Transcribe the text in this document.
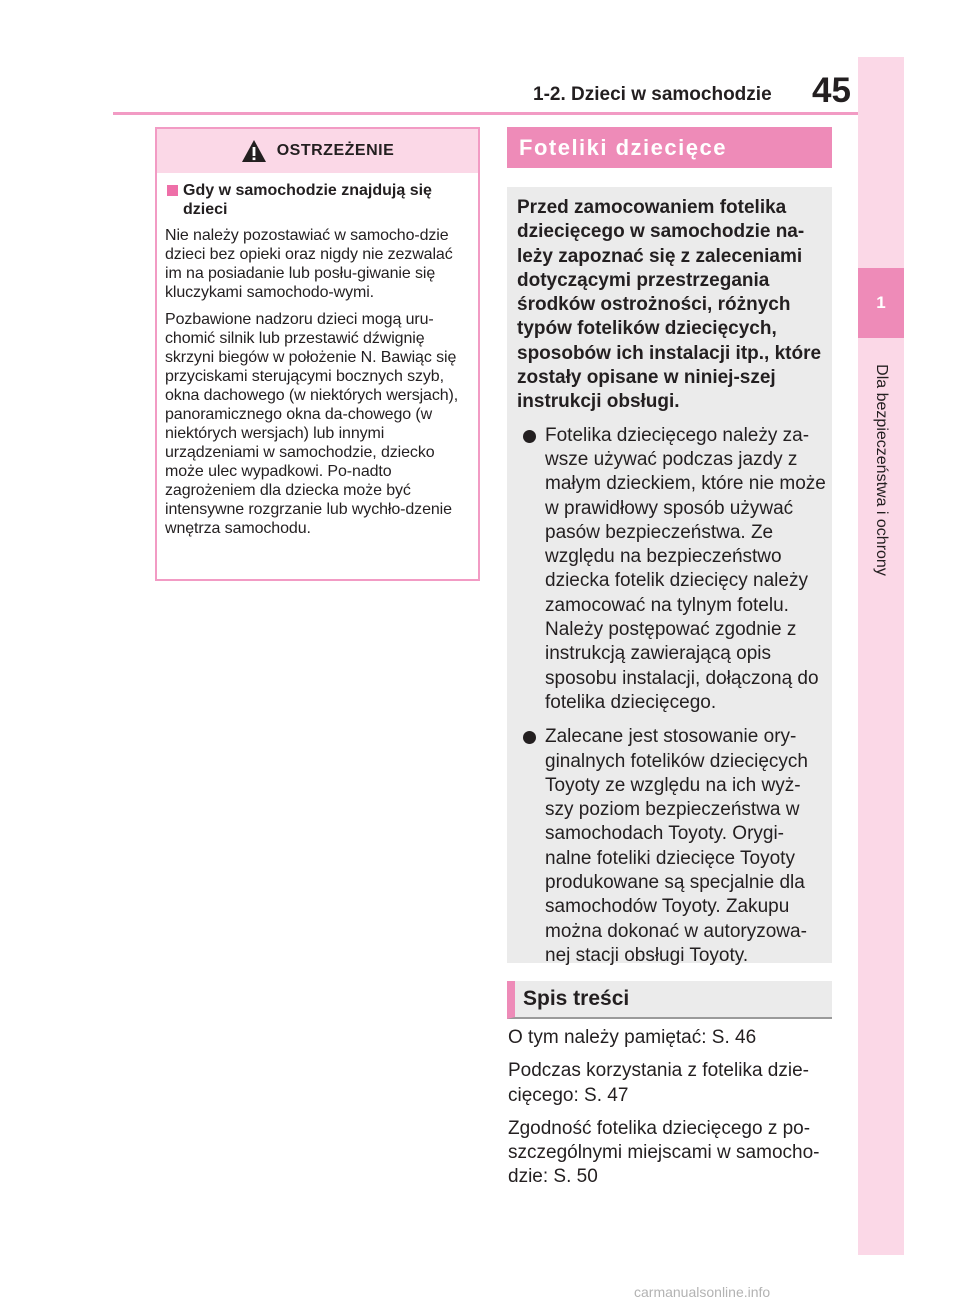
1-2. Dzieci w samochodzie 45
1
Dla bezpieczeństwa i ochrony
OSTRZEŻENIE
Gdy w samochodzie znajdują się dzieci

Nie należy pozostawiać w samocho-dzie dzieci bez opieki oraz nigdy nie zezwalać im na posiadanie lub posłu-giwanie się kluczykami samochodo-wymi.

Pozbawione nadzoru dzieci mogą uru-chomić silnik lub przestawić dźwignię skrzyni biegów w położenie N. Bawiąc się przyciskami sterującymi bocznych szyb, okna dachowego (w niektórych wersjach), panoramicznego okna da-chowego (w niektórych wersjach) lub innymi urządzeniami w samochodzie, dziecko może ulec wypadkowi. Po-nadto zagrożeniem dla dziecka może być intensywne rozgrzanie lub wychło-dzenie wnętrza samochodu.

Foteliki dziecięce

Przed zamocowaniem fotelika dziecięcego w samochodzie na-leży zapoznać się z zaleceniami dotyczącymi przestrzegania środków ostrożności, różnych typów fotelików dziecięcych, sposobów ich instalacji itp., które zostały opisane w niniej-szej instrukcji obsługi.

Fotelika dziecięcego należy za-wsze używać podczas jazdy z małym dzieckiem, które nie może w prawidłowy sposób używać pasów bezpieczeństwa. Ze względu na bezpieczeństwo dziecka fotelik dziecięcy należy zamocować na tylnym fotelu. Należy postępować zgodnie z instrukcją zawierającą opis sposobu instalacji, dołączoną do fotelika dziecięcego.
Zalecane jest stosowanie ory-ginalnych fotelików dziecięcych Toyoty ze względu na ich wyż-szy poziom bezpieczeństwa w samochodach Toyoty. Orygi-nalne foteliki dziecięce Toyoty produkowane są specjalnie dla samochodów Toyoty. Zakupu można dokonać w autoryzowa-nej stacji obsługi Toyoty.
Spis treści

O tym należy pamiętać: S. 46

Podczas korzystania z fotelika dzie-cięcego: S. 47

Zgodność fotelika dziecięcego z po-szczególnymi miejscami w samocho-dzie: S. 50

carmanualsonline.info
